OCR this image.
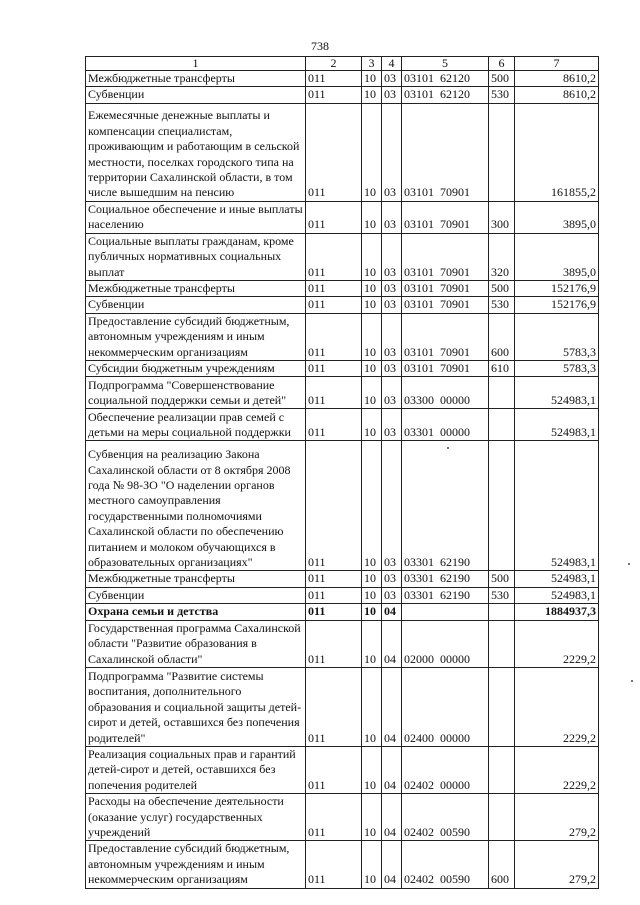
738
1	2	3	4	5	6	7
Межбюджетные трансферты	011	10	03	03101  62120	500	8610,2
Субвенции	011	10	03	03101  62120	530	8610,2
Ежемесячные денежные выплаты и компенсации специалистам, проживающим и работающим в сельской местности, поселках городского типа на территории Сахалинской области, в том числе вышедшим на пенсию	011	10	03	03101  70901		161855,2
Социальное обеспечение и иные выплаты населению	011	10	03	03101  70901	300	3895,0
Социальные выплаты гражданам, кроме публичных нормативных социальных выплат	011	10	03	03101  70901	320	3895,0
Межбюджетные трансферты	011	10	03	03101  70901	500	152176,9
Субвенции	011	10	03	03101  70901	530	152176,9
Предоставление субсидий бюджетным, автономным учреждениям и иным некоммерческим организациям	011	10	03	03101  70901	600	5783,3
Субсидии бюджетным учреждениям	011	10	03	03101  70901	610	5783,3
Подпрограмма "Совершенствование социальной поддержки семьи и детей"	011	10	03	03300  00000		524983,1
Обеспечение реализации прав семей с детьми на меры социальной поддержки	011	10	03	03301  00000		524983,1
Субвенция на реализацию Закона Сахалинской области от 8 октября 2008 года № 98-ЗО "О наделении органов местного самоуправления государственными полномочиями Сахалинской области по обеспечению питанием и молоком обучающихся в образовательных организациях"	011	10	03	03301  62190		524983,1
Межбюджетные трансферты	011	10	03	03301  62190	500	524983,1
Субвенции	011	10	03	03301  62190	530	524983,1
Охрана семьи и детства	011	10	04			1884937,3
Государственная программа Сахалинской области "Развитие образования в Сахалинской области"	011	10	04	02000  00000		2229,2
Подпрограмма "Развитие системы воспитания, дополнительного образования и социальной защиты детей-сирот и детей, оставшихся без попечения родителей"	011	10	04	02400  00000		2229,2
Реализация социальных прав и гарантий детей-сирот и детей, оставшихся без попечения родителей	011	10	04	02402  00000		2229,2
Расходы на обеспечение деятельности (оказание услуг) государственных учреждений	011	10	04	02402  00590		279,2
Предоставление субсидий бюджетным, автономным учреждениям и иным некоммерческим организациям	011	10	04	02402  00590	600	279,2
